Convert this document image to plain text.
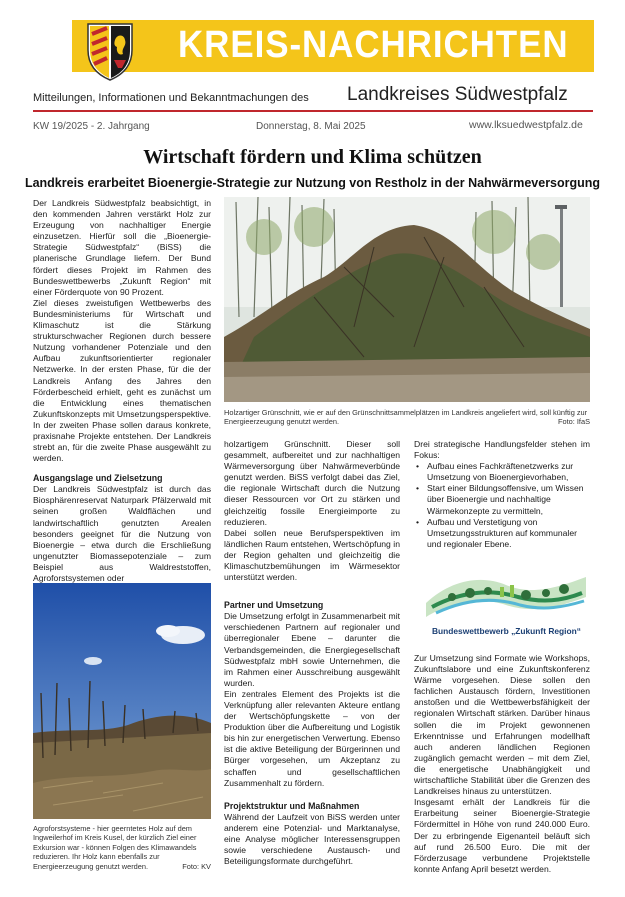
KREIS-NACHRICHTEN
Mitteilungen, Informationen und Bekanntmachungen des Landkreises Südwestpfalz
KW 19/2025 - 2. Jahrgang	Donnerstag, 8. Mai 2025	www.lksuedwestpfalz.de
Wirtschaft fördern und Klima schützen
Landkreis erarbeitet Bioenergie-Strategie zur Nutzung von Restholz in der Nahwärmeversorgung

Der Landkreis Südwestpfalz beabsichtigt, in den kommenden Jahren verstärkt Holz zur Erzeugung von nachhaltiger Energie einzusetzen. Hierfür soll die „Bioenergie-Strategie Südwestpfalz“ (BiSS) die planerische Grundlage liefern. Der Bund fördert dieses Projekt im Rahmen des Bundeswettbewerbs „Zukunft Region“ mit einer Förderquote von 90 Prozent.

Ziel dieses zweistufigen Wettbewerbs des Bundesministeriums für Wirtschaft und Klimaschutz ist die Stärkung strukturschwacher Regionen durch bessere Nutzung vorhandener Potenziale und den Aufbau zukunftsorientierter regionaler Netzwerke. In der ersten Phase, für die der Landkreis Anfang des Jahres den Förderbescheid erhielt, geht es zunächst um die Entwicklung eines thematischen Zukunftskonzepts mit Umsetzungsperspektive. In der zweiten Phase sollen daraus konkrete, praxisnahe Projekte entstehen. Der Landkreis strebt an, für die zweite Phase ausgewählt zu werden.

Ausgangslage und Zielsetzung

Der Landkreis Südwestpfalz ist durch das Biosphärenreservat Naturpark Pfälzerwald mit seinen großen Waldflächen und landwirtschaftlich genutzten Arealen besonders geeignet für die Nutzung von Bioenergie – etwa durch die Erschließung ungenutzter Biomassepotenziale – zum Beispiel aus Waldreststoffen, Agroforstsystemen oder

Agroforstsysteme - hier geerntetes Holz auf dem Ingweilerhof im Kreis Kusel, der kürzlich Ziel einer Exkursion war - können Folgen des Klimawandels reduzieren. Ihr Holz kann ebenfalls zur Energieerzeugung genutzt werden.	Foto: KV
Holzartiger Grünschnitt, wie er auf den Grünschnittsammelplätzen im Landkreis angeliefert wird, soll künftig zur Energieerzeugung genutzt werden.	Foto: IfaS

holzartigem Grünschnitt. Dieser soll gesammelt, aufbereitet und zur nachhaltigen Wärmeversorgung über Nahwärmeverbünde genutzt werden. BiSS verfolgt dabei das Ziel, die regionale Wirtschaft durch die Nutzung dieser Ressourcen vor Ort zu stärken und gleichzeitig fossile Energieimporte zu reduzieren.

Dabei sollen neue Berufsperspektiven im ländlichen Raum entstehen, Wertschöpfung in der Region gehalten und gleichzeitig die Klimaschutzbemühungen im Wärmesektor unterstützt werden.

Partner und Umsetzung

Die Umsetzung erfolgt in Zusammenarbeit mit verschiedenen Partnern auf regionaler und überregionaler Ebene – darunter die Verbandsgemeinden, die Energiegesellschaft Südwestpfalz mbH sowie Unternehmen, die im Rahmen einer Ausschreibung ausgewählt wurden.

Ein zentrales Element des Projekts ist die Verknüpfung aller relevanten Akteure entlang der Wertschöpfungskette – von der Produktion über die Aufbereitung und Logistik bis hin zur energetischen Verwertung. Ebenso ist die aktive Beteiligung der Bürgerinnen und Bürger vorgesehen, um Akzeptanz zu schaffen und gesellschaftlichen Zusammenhalt zu fördern.

Projektstruktur und Maßnahmen

Während der Laufzeit von BiSS werden unter anderem eine Potenzial- und Marktanalyse, eine Analyse möglicher Interessensgruppen sowie verschiedene Austausch- und Beteiligungsformate durchgeführt.

Drei strategische Handlungsfelder stehen im Fokus:

• Aufbau eines Fachkräftenetzwerks zur Umsetzung von Bioenergievorhaben,
• Start einer Bildungsoffensive, um Wissen über Bioenergie und nachhaltige Wärmekonzepte zu vermitteln,
• Aufbau und Verstetigung von Umsetzungsstrukturen auf kommunaler und regionaler Ebene.
Bundeswettbewerb „Zukunft Region“

Zur Umsetzung sind Formate wie Workshops, Zukunftslabore und eine Zukunftskonferenz Wärme vorgesehen. Diese sollen den fachlichen Austausch fördern, Investitionen anstoßen und die Wettbewerbsfähigkeit der regionalen Wirtschaft stärken. Darüber hinaus sollen die im Projekt gewonnenen Erkenntnisse und Erfahrungen modellhaft auch anderen ländlichen Regionen zugänglich gemacht werden – mit dem Ziel, die energetische Unabhängigkeit und wirtschaftliche Stabilität über die Grenzen des Landkreises hinaus zu unterstützen.

Insgesamt erhält der Landkreis für die Erarbeitung seiner Bioenergie-Strategie Fördermittel in Höhe von rund 240.000 Euro. Der zu erbringende Eigenanteil beläuft sich auf rund 26.500 Euro. Die mit der Förderzusage verbundene Projektstelle konnte Anfang April besetzt werden.
